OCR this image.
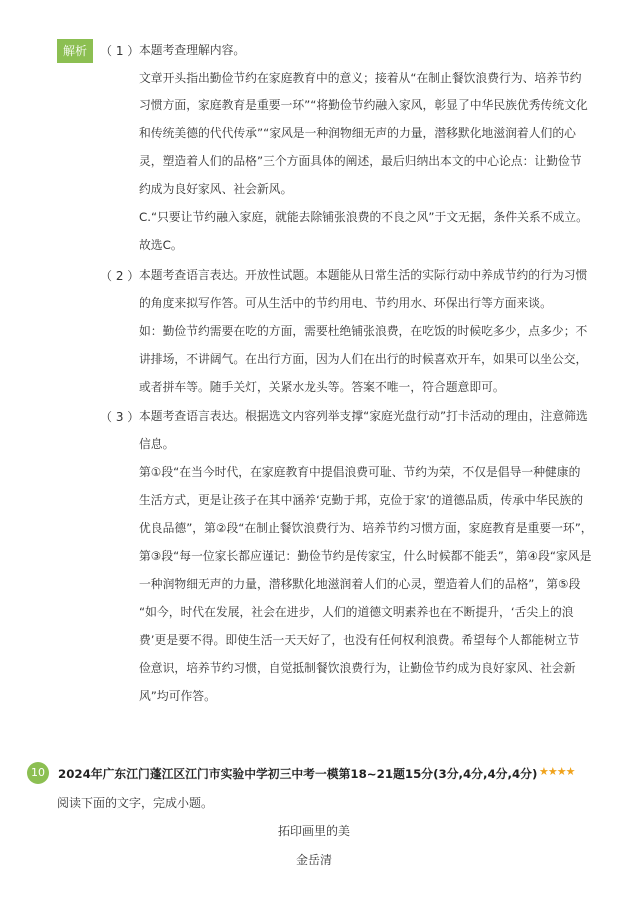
解析	（ 1 ） 本题考查理解内容。
文章开头指出勤俭节约在家庭教育中的意义；接着从“在制止餐饮浪费行为、培养节约
习惯方面，家庭教育是重要一环”“将勤俭节约融入家风，彰显了中华民族优秀传统文化
和传统美德的代代传承”“家风是一种润物细无声的力量，潜移默化地滋润着人们的心
灵，塑造着人们的品格”三个方面具体的阐述，最后归纳出本文的中心论点：让勤俭节
约成为良好家风、社会新风。
C.“只要让节约融入家庭，就能去除铺张浪费的不良之风”于文无据，条件关系不成立。
故选C。
（ 2 ） 本题考查语言表达。开放性试题。本题能从日常生活的实际行动中养成节约的行为习惯
的角度来拟写作答。可从生活中的节约用电、节约用水、环保出行等方面来谈。
如：勤俭节约需要在吃的方面，需要杜绝铺张浪费，在吃饭的时候吃多少，点多少；不
讲排场，不讲阔气。在出行方面，因为人们在出行的时候喜欢开车，如果可以坐公交，
或者拼车等。随手关灯，关紧水龙头等。答案不唯一，符合题意即可。
（ 3 ） 本题考查语言表达。根据选文内容列举支撑“家庭光盘行动”打卡活动的理由，注意筛选
信息。
第①段“在当今时代，在家庭教育中提倡浪费可耻、节约为荣，不仅是倡导一种健康的
生活方式，更是让孩子在其中涵养‘克勤于邦，克俭于家’的道德品质，传承中华民族的
优良品德”，第②段“在制止餐饮浪费行为、培养节约习惯方面，家庭教育是重要一环”，
第③段“每一位家长都应谨记：勤俭节约是传家宝，什么时候都不能丢”，第④段“家风是
一种润物细无声的力量，潜移默化地滋润着人们的心灵，塑造着人们的品格”，第⑤段
“如今，时代在发展，社会在进步，人们的道德文明素养也在不断提升，‘舌尖上的浪
费’更是要不得。即使生活一天天好了，也没有任何权利浪费。希望每个人都能树立节
俭意识，培养节约习惯，自觉抵制餐饮浪费行为，让勤俭节约成为良好家风、社会新
风”均可作答。
10	2024年广东江门蓬江区江门市实验中学初三中考一模第18~21题15分(3分,4分,4分,4分) ★★★★
阅读下面的文字，完成小题。
拓印画里的美
金岳清
